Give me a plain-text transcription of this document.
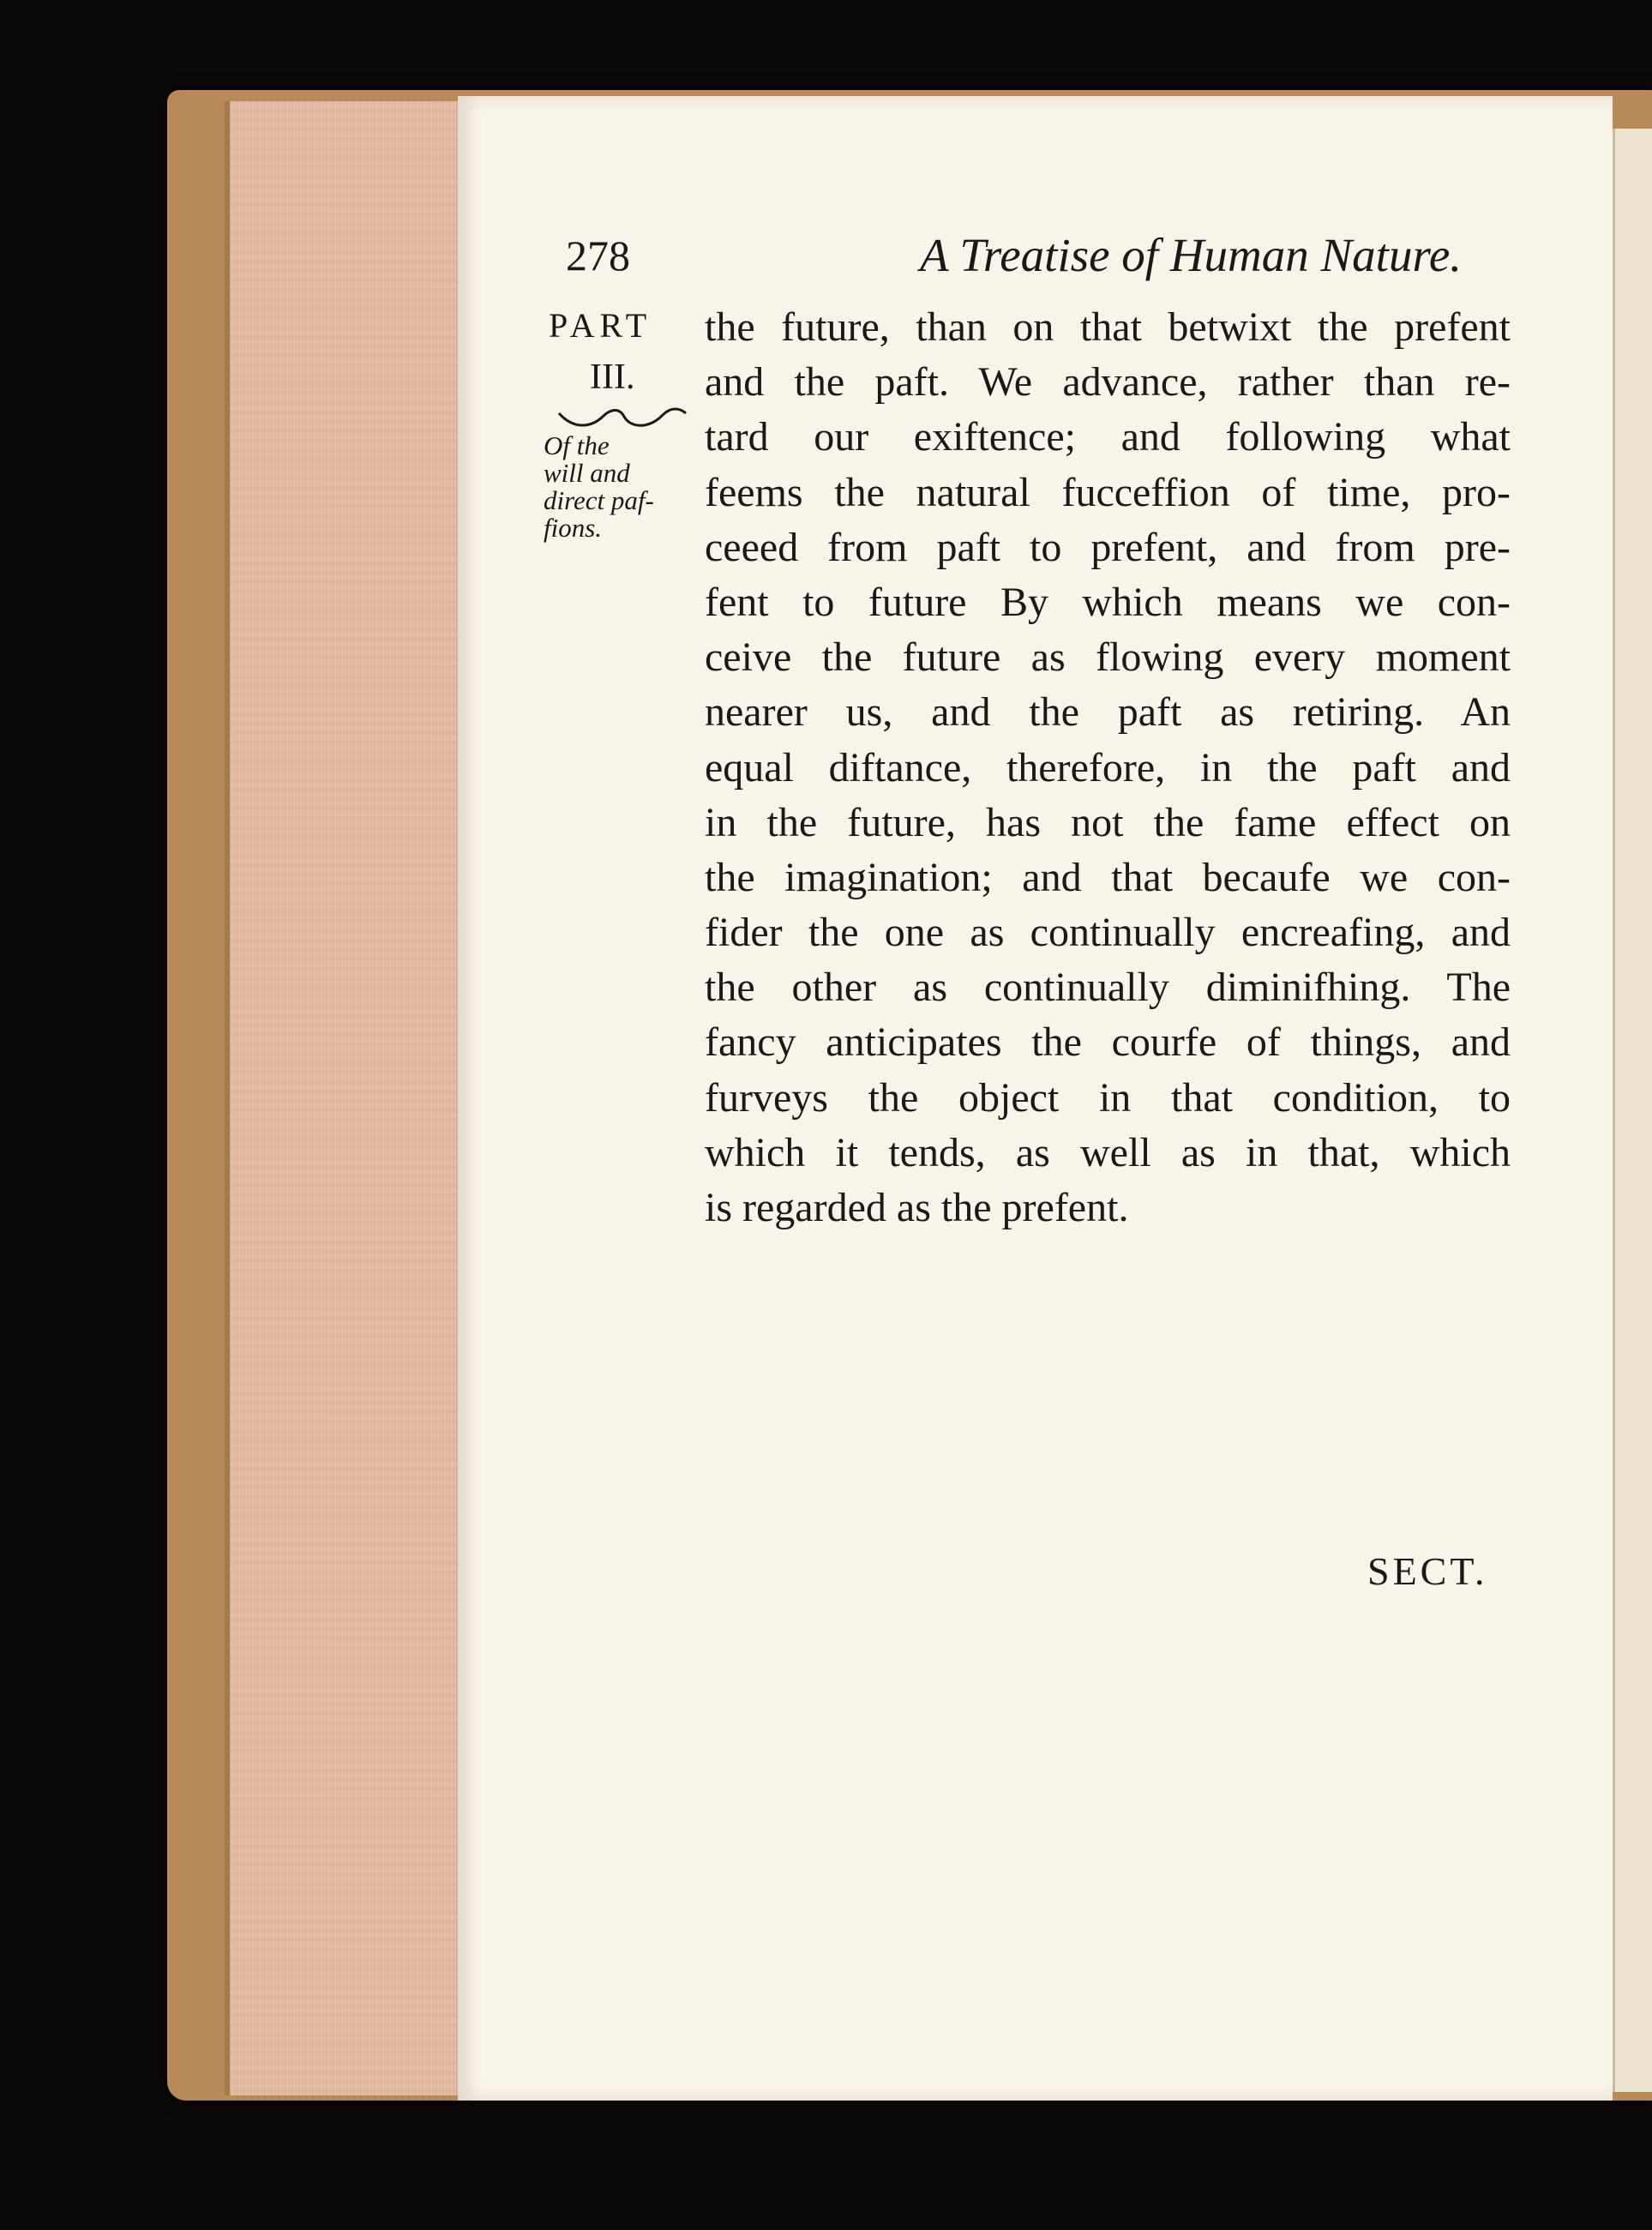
278	A Treatise of Human Nature.
PART
III.
Of the
will and
direct paf-
fions.
the future, than on that betwixt the prefent
and the paft. We advance, rather than re-
tard our exiftence; and following what
feems the natural fucceffion of time, pro-
ceeed from paft to prefent, and from pre-
fent to future By which means we con-
ceive the future as flowing every moment
nearer us, and the paft as retiring. An
equal diftance, therefore, in the paft and
in the future, has not the fame effect on
the imagination; and that becaufe we con-
fider the one as continually encreafing, and
the other as continually diminifhing. The
fancy anticipates the courfe of things, and
furveys the object in that condition, to
which it tends, as well as in that, which
is regarded as the prefent.
SECT.
